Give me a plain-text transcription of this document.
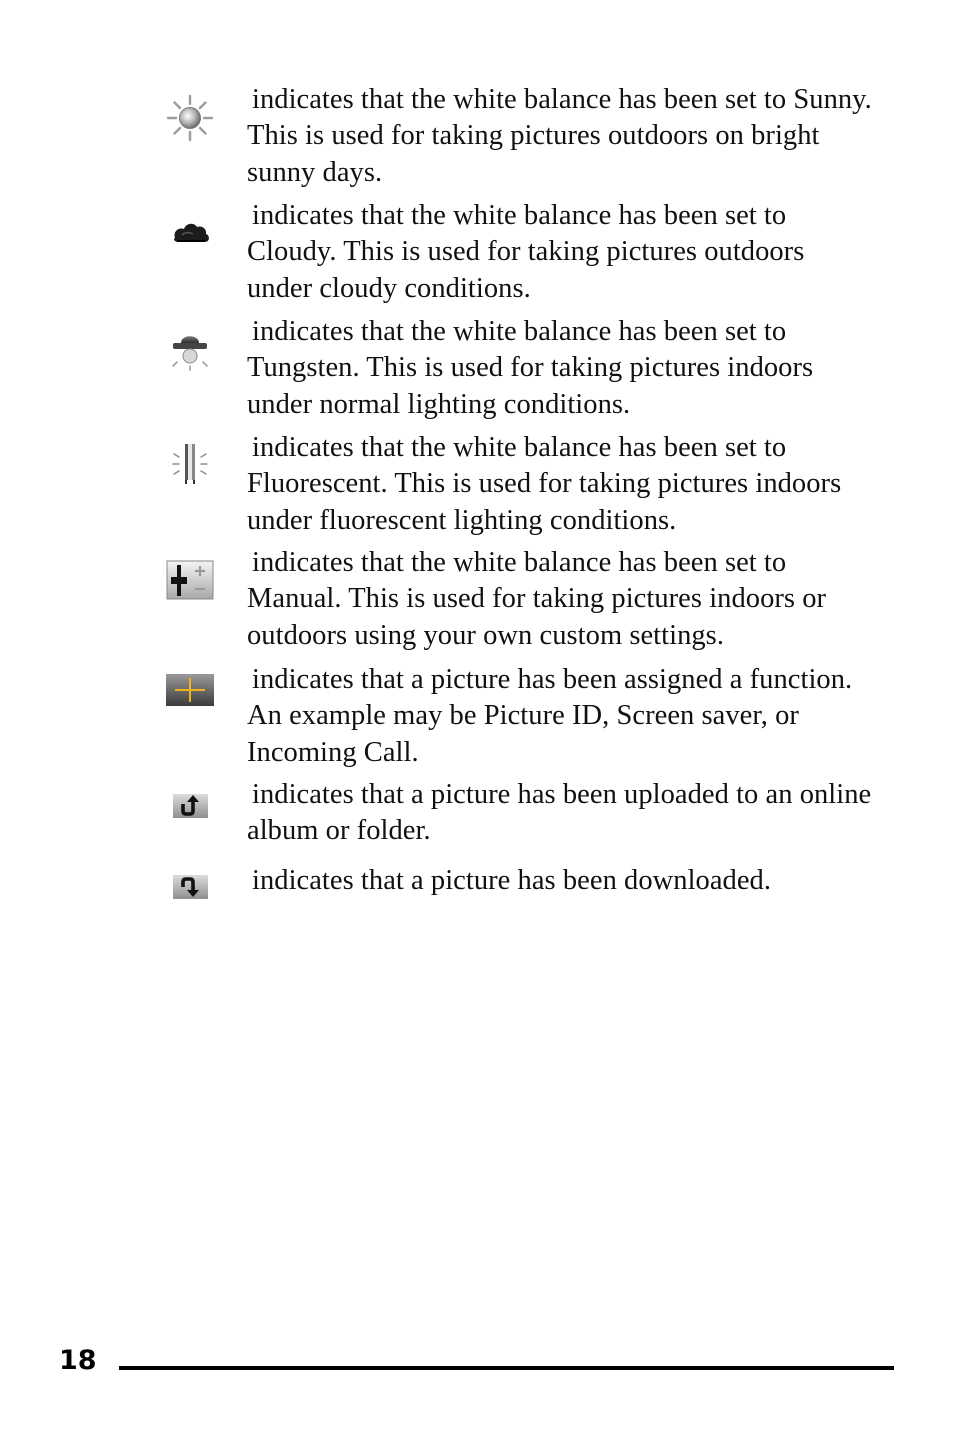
indicates that the white balance has been set to Sunny. This is used for taking pictures outdoors on bright sunny days.

indicates that the white balance has been set to Cloudy. This is used for taking pictures outdoors under cloudy conditions.

indicates that the white balance has been set to Tungsten. This is used for taking pictures indoors under normal lighting conditions.

indicates that the white balance has been set to Fluorescent. This is used for taking pictures indoors under fluorescent lighting conditions.

indicates that the white balance has been set to Manual. This is used for taking pictures indoors or outdoors using your own custom settings.

indicates that a picture has been assigned a function. An example may be Picture ID, Screen saver, or Incoming Call.

indicates that a picture has been uploaded to an online album or folder.

indicates that a picture has been downloaded.

18
